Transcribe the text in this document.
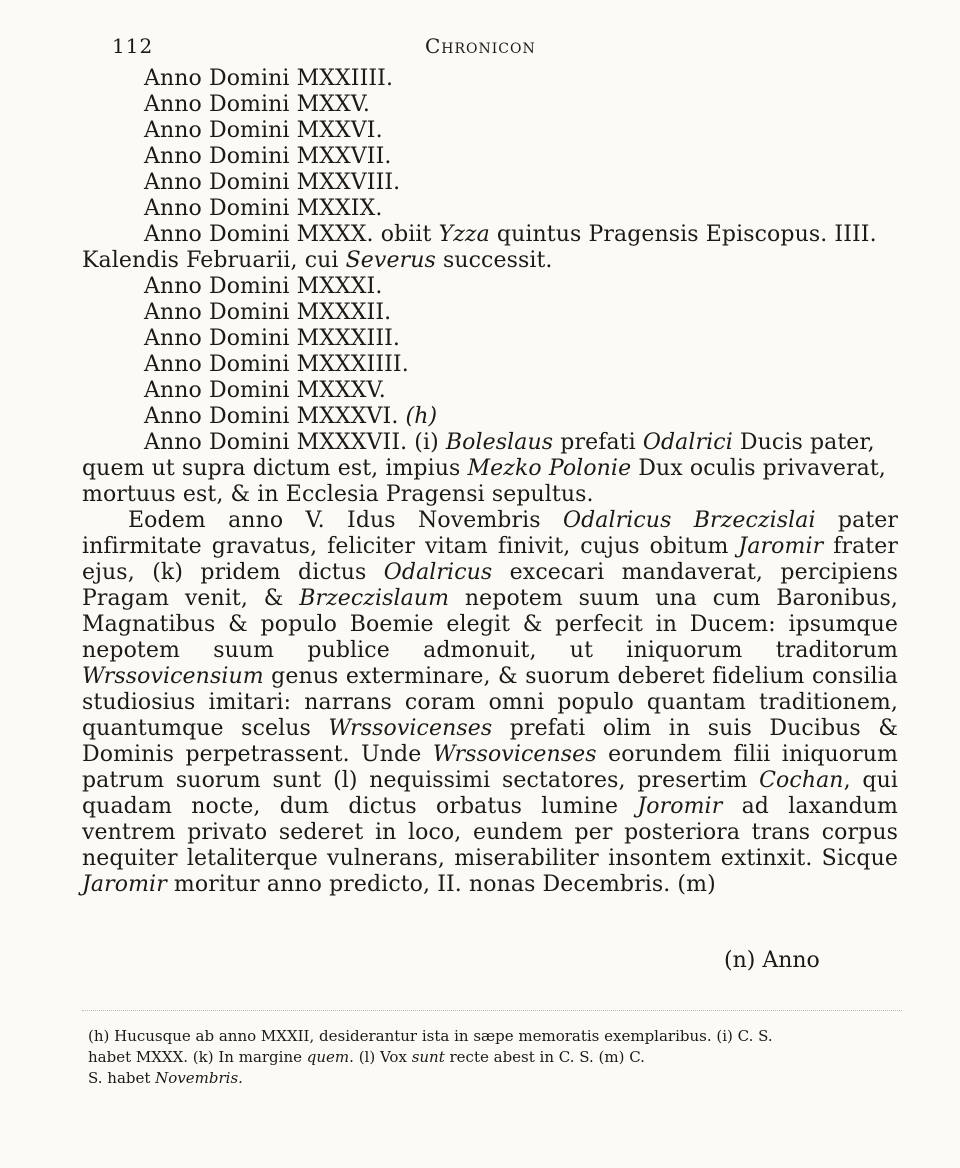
112	Chronicon
Anno Domini MXXIIII.
Anno Domini MXXV.
Anno Domini MXXVI.
Anno Domini MXXVII.
Anno Domini MXXVIII.
Anno Domini MXXIX.
Anno Domini MXXX. obiit Yzza quintus Pragensis Episcopus. IIII.
Kalendis Februarii, cui Severus successit.
Anno Domini MXXXI.
Anno Domini MXXXII.
Anno Domini MXXXIII.
Anno Domini MXXXIIII.
Anno Domini MXXXV.
Anno Domini MXXXVI. (h)
Anno Domini MXXXVII. (i) Boleslaus prefati Odalrici Ducis pater,
quem ut supra dictum est, impius Mezko Polonie Dux oculis privaverat,
mortuus est, & in Ecclesia Pragensi sepultus.
Eodem anno V. Idus Novembris Odalricus Brzeczislai pater infirmitate gravatus, feliciter vitam finivit, cujus obitum Jaromir frater ejus, (k) pridem dictus Odalricus excecari mandaverat, percipiens Pragam venit, & Brzeczislaum nepotem suum una cum Baronibus, Magnatibus & populo Boemie elegit & perfecit in Ducem: ipsumque nepotem suum publice admonuit, ut iniquorum traditorum Wrssovicensium genus exterminare, & suorum deberet fidelium consilia studiosius imitari: narrans coram omni populo quantam traditionem, quantumque scelus Wrssovicenses prefati olim in suis Ducibus & Dominis perpetrassent. Unde Wrssovicenses eorundem filii iniquorum patrum suorum sunt (l) nequissimi sectatores, presertim Cochan, qui quadam nocte, dum dictus orbatus lumine Joromir ad laxandum ventrem privato sederet in loco, eundem per posteriora trans corpus nequiter letaliterque vulnerans, miserabiliter insontem extinxit. Sicque Jaromir moritur anno predicto, II. nonas Decembris. (m)
(n) Anno
(h) Hucusque ab anno MXXII, desiderantur ista in sæpe memoratis exemplaribus. (i) C. S.
habet MXXX. (k) In margine quem. (l) Vox sunt recte abest in C. S. (m) C.
S. habet Novembris.
